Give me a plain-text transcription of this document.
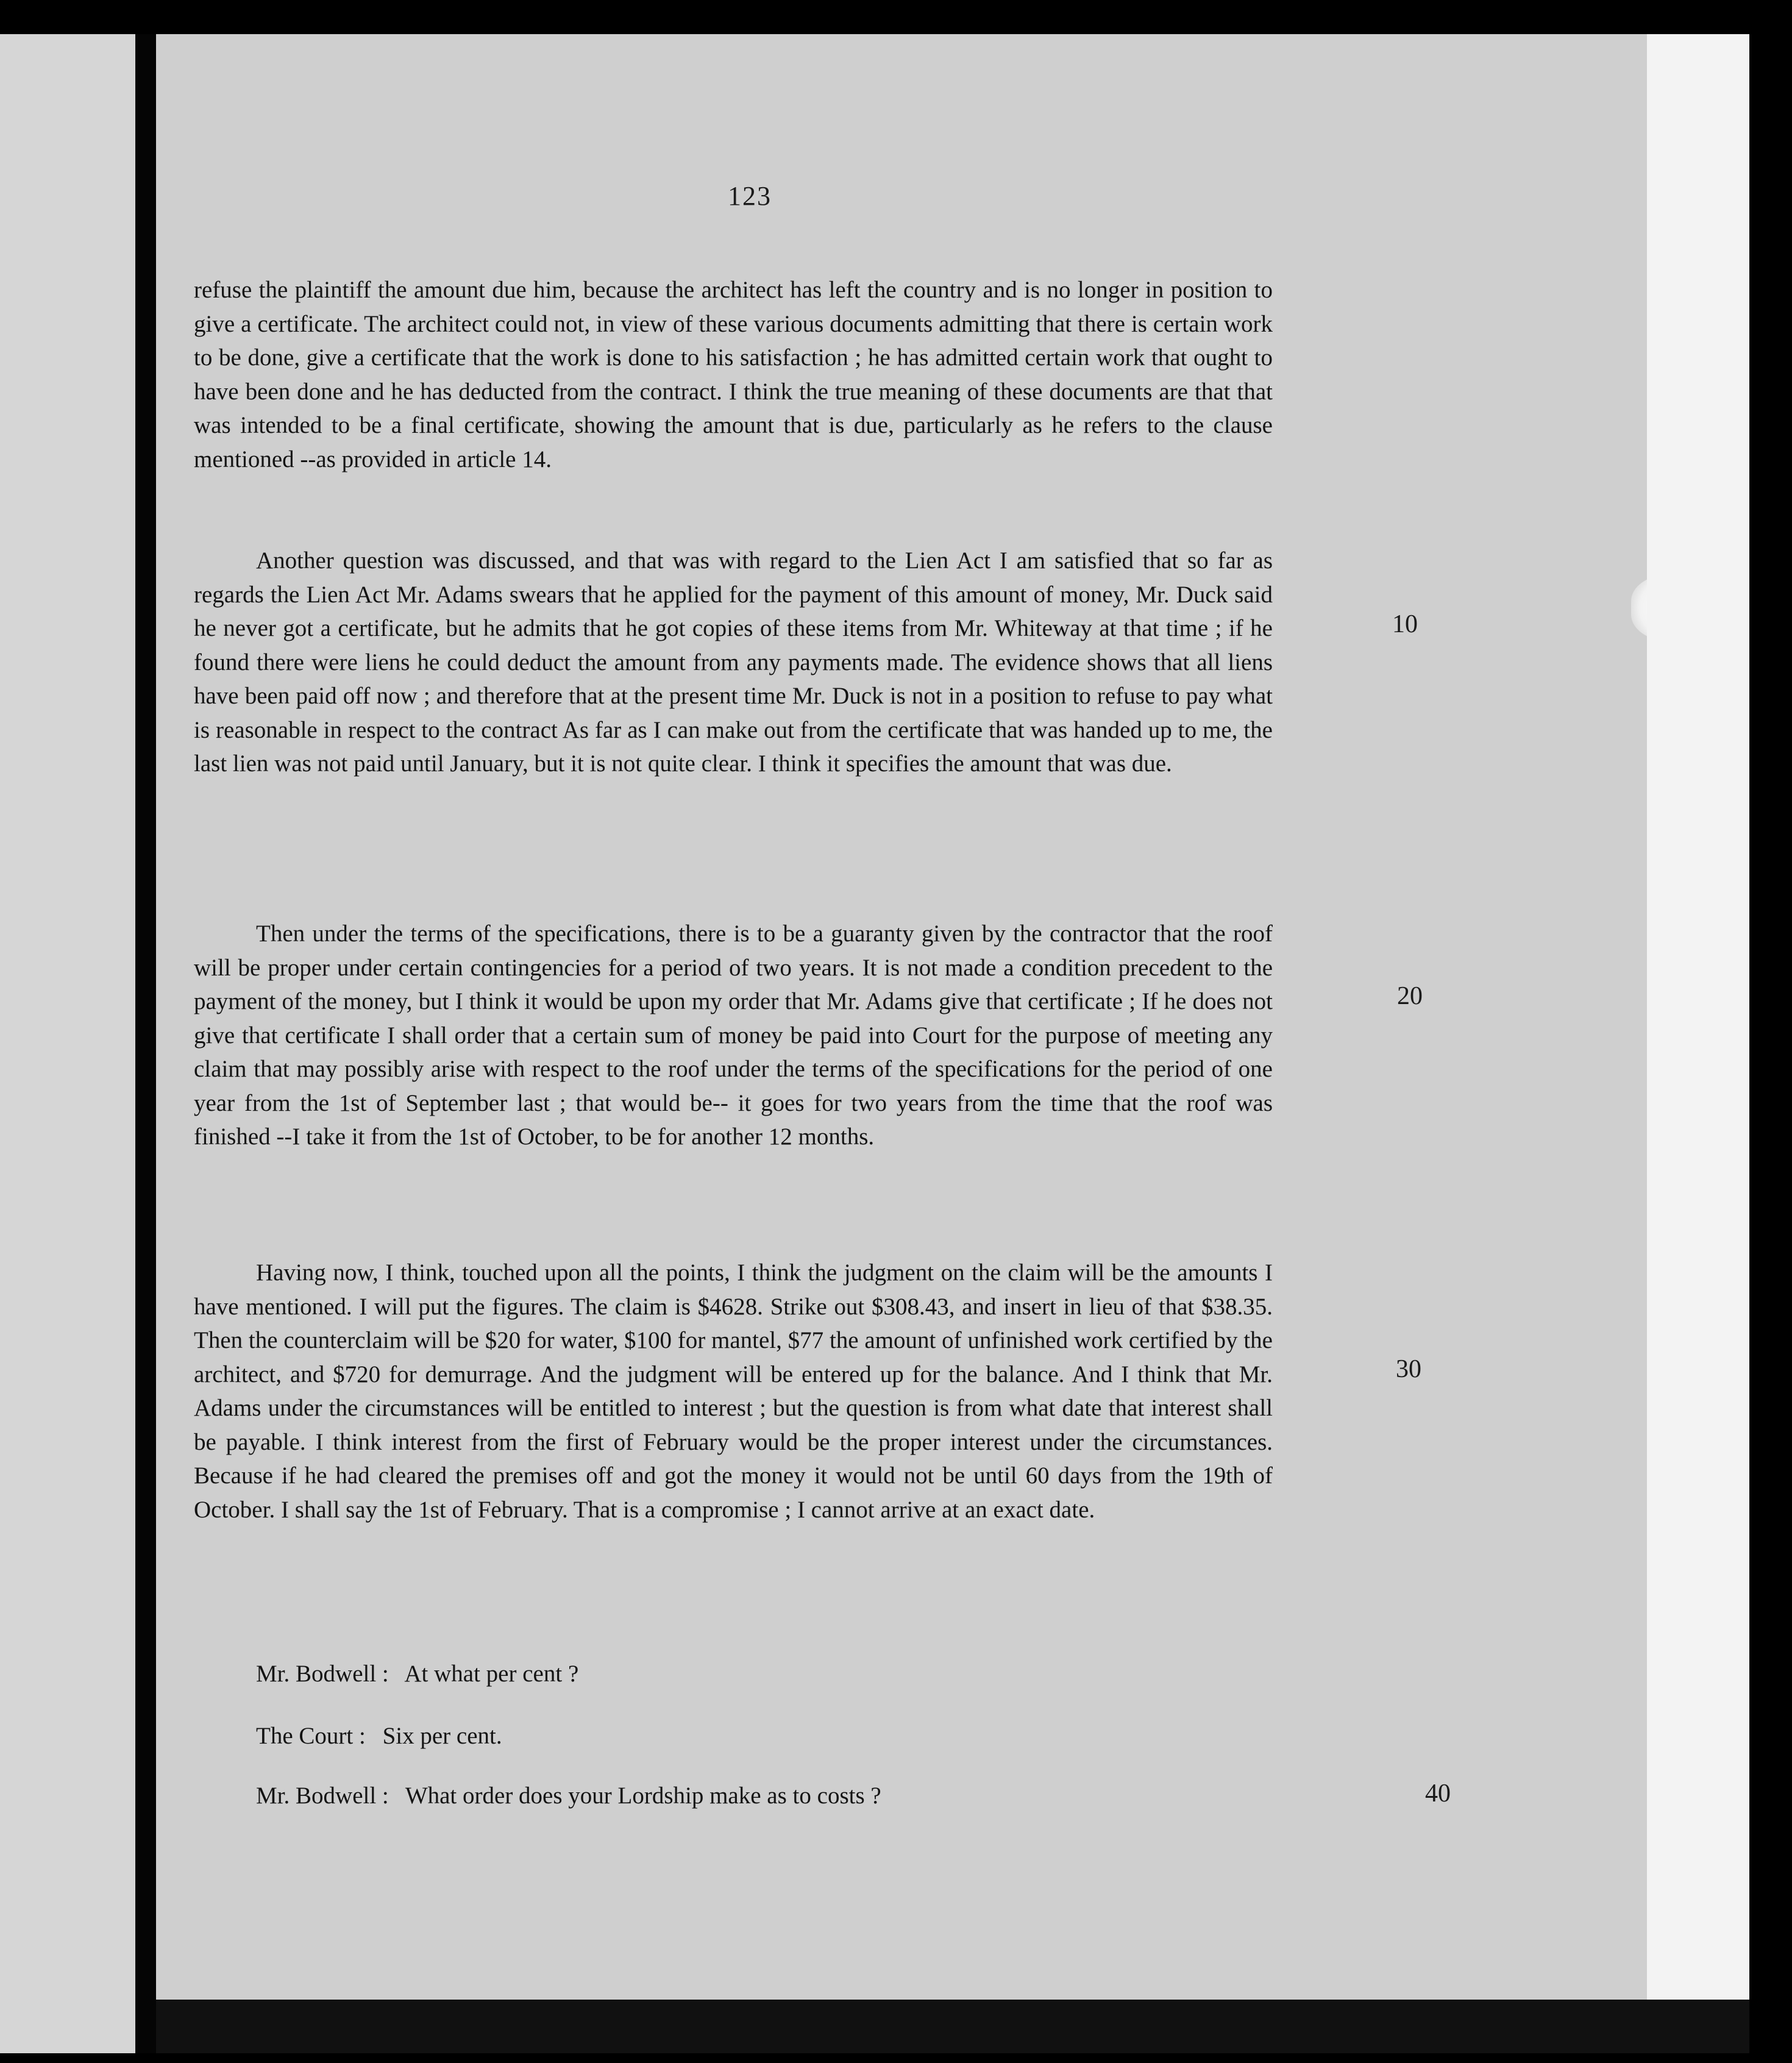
123

refuse the plaintiff the amount due him, because the architect has left the country and is no longer in position to give a certificate. The architect could not, in view of these various documents admitting that there is certain work to be done, give a certificate that the work is done to his satisfaction ; he has admitted certain work that ought to have been done and he has deducted from the contract. I think the true meaning of these documents are that that was intended to be a final certificate, showing the amount that is due, particularly as he refers to the clause mentioned --as provided in article 14.

Another question was discussed, and that was with regard to the Lien Act I am satisfied that so far as regards the Lien Act Mr. Adams swears that he applied for the payment of this amount of money, Mr. Duck said he never got a certificate, but he admits that he got copies of these items from Mr. Whiteway at that time ; if he found there were liens he could deduct the amount from any payments made. The evidence shows that all liens have been paid off now ; and therefore that at the present time Mr. Duck is not in a position to refuse to pay what is reasonable in respect to the contract As far as I can make out from the certificate that was handed up to me, the last lien was not paid until January, but it is not quite clear. I think it specifies the amount that was due.

Then under the terms of the specifications, there is to be a guaranty given by the contractor that the roof will be proper under certain contingencies for a period of two years. It is not made a condition precedent to the payment of the money, but I think it would be upon my order that Mr. Adams give that certificate ; If he does not give that certificate I shall order that a certain sum of money be paid into Court for the purpose of meeting any claim that may possibly arise with respect to the roof under the terms of the specifications for the period of one year from the 1st of September last ; that would be-- it goes for two years from the time that the roof was finished --I take it from the 1st of October, to be for another 12 months.

Having now, I think, touched upon all the points, I think the judgment on the claim will be the amounts I have mentioned. I will put the figures. The claim is $4628. Strike out $308.43, and insert in lieu of that $38.35. Then the counterclaim will be $20 for water, $100 for mantel, $77 the amount of unfinished work certified by the architect, and $720 for demurrage. And the judgment will be entered up for the balance. And I think that Mr. Adams under the circumstances will be entitled to interest ; but the question is from what date that interest shall be payable. I think interest from the first of February would be the proper interest under the circumstances. Because if he had cleared the premises off and got the money it would not be until 60 days from the 19th of October. I shall say the 1st of February. That is a compromise ; I cannot arrive at an exact date.

Mr. Bodwell : At what per cent ?
The Court : Six per cent.
Mr. Bodwell : What order does your Lordship make as to costs ?
10
20
30
40
